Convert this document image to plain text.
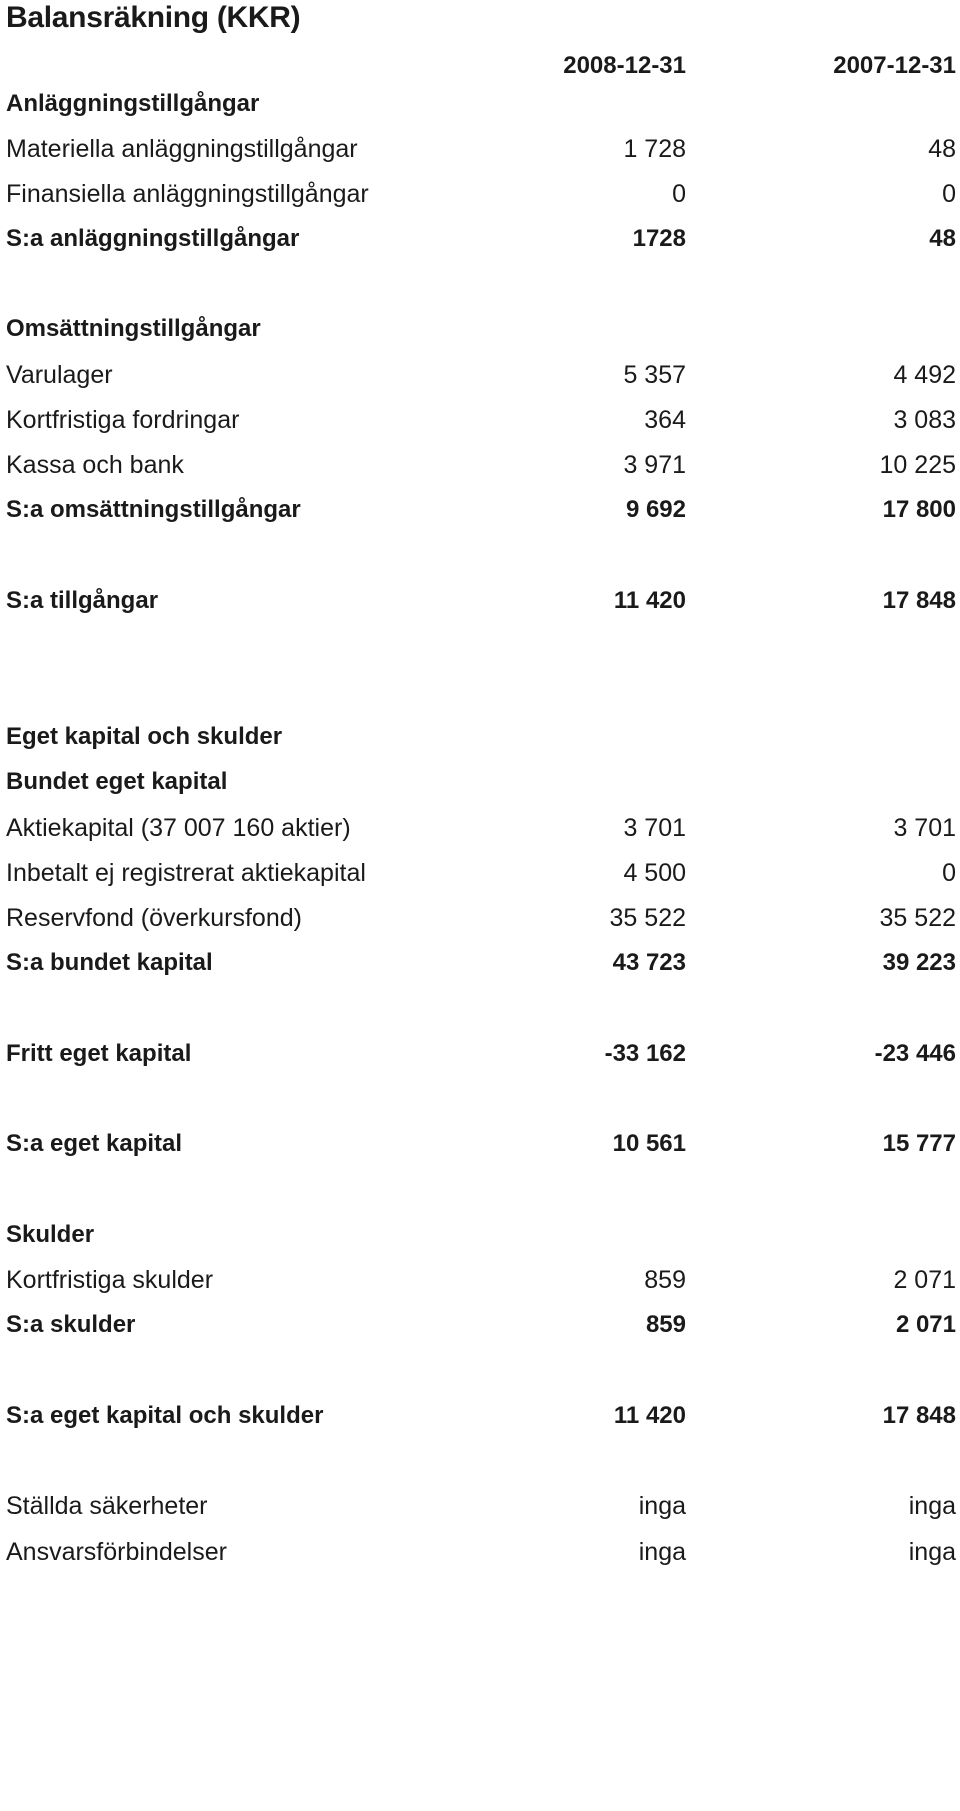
Balansräkning (KKR)
2008-12-31	2007-12-31
Anläggningstillgångar
Materiella anläggningstillgångar	1 728	48
Finansiella anläggningstillgångar	0	0
S:a anläggningstillgångar	1728	48
Omsättningstillgångar
Varulager	5 357	4 492
Kortfristiga fordringar	364	3 083
Kassa och bank	3 971	10 225
S:a omsättningstillgångar	9 692	17 800
S:a tillgångar	11 420	17 848
Eget kapital och skulder
Bundet eget kapital
Aktiekapital (37 007 160 aktier)	3 701	3 701
Inbetalt ej registrerat aktiekapital	4 500	0
Reservfond (överkursfond)	35 522	35 522
S:a bundet kapital	43 723	39 223
Fritt eget kapital	-33 162	-23 446
S:a eget kapital	10 561	15 777
Skulder
Kortfristiga skulder	859	2 071
S:a skulder	859	2 071
S:a eget kapital och skulder	11 420	17 848
Ställda säkerheter	inga	inga
Ansvarsförbindelser	inga	inga
